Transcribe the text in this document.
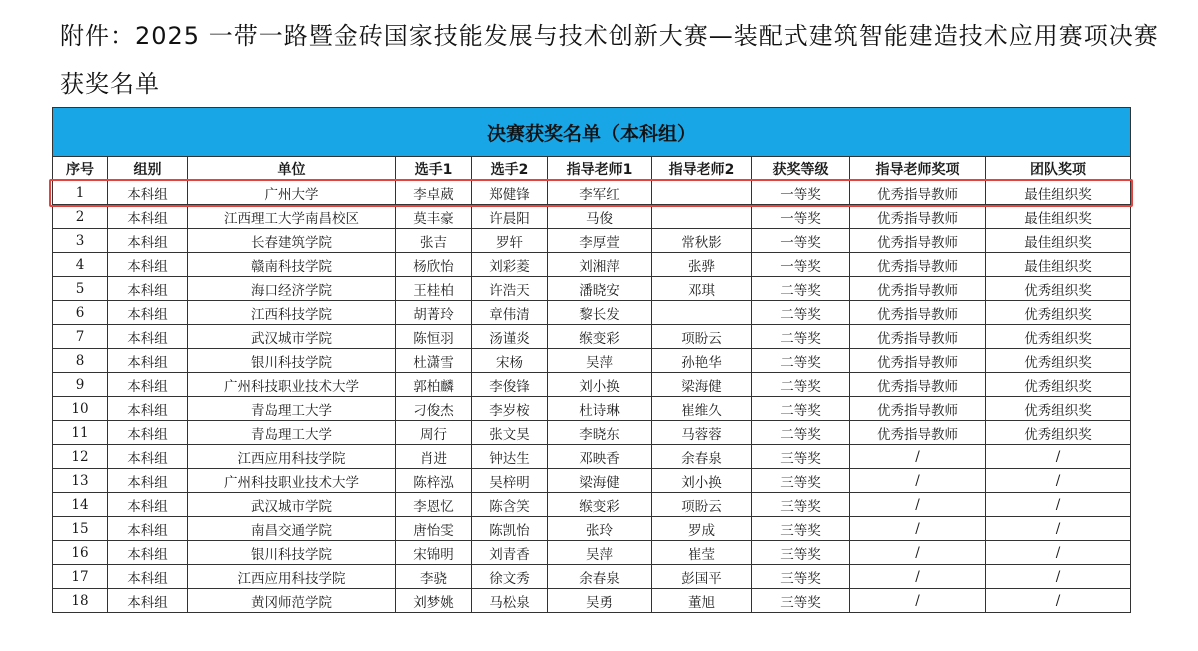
附件：2025 一带一路暨金砖国家技能发展与技术创新大赛—装配式建筑智能建造技术应用赛项决赛
获奖名单
决赛获奖名单（本科组）									
序号	组别	单位	选手1	选手2	指导老师1	指导老师2	获奖等级	指导老师奖项	团队奖项
1	本科组	广州大学	李卓葳	郑健锋	李军红		一等奖	优秀指导教师	最佳组织奖
2	本科组	江西理工大学南昌校区	莫丰豪	许晨阳	马俊		一等奖	优秀指导教师	最佳组织奖
3	本科组	长春建筑学院	张吉	罗轩	李厚萱	常秋影	一等奖	优秀指导教师	最佳组织奖
4	本科组	赣南科技学院	杨欣怡	刘彩菱	刘湘萍	张骅	一等奖	优秀指导教师	最佳组织奖
5	本科组	海口经济学院	王桂柏	许浩天	潘晓安	邓琪	二等奖	优秀指导教师	优秀组织奖
6	本科组	江西科技学院	胡菁玲	章伟清	黎长发		二等奖	优秀指导教师	优秀组织奖
7	本科组	武汉城市学院	陈恒羽	汤谨炎	缑变彩	项盼云	二等奖	优秀指导教师	优秀组织奖
8	本科组	银川科技学院	杜潇雪	宋杨	吴萍	孙艳华	二等奖	优秀指导教师	优秀组织奖
9	本科组	广州科技职业技术大学	郭柏麟	李俊锋	刘小换	梁海健	二等奖	优秀指导教师	优秀组织奖
10	本科组	青岛理工大学	刁俊杰	李岁桉	杜诗琳	崔维久	二等奖	优秀指导教师	优秀组织奖
11	本科组	青岛理工大学	周行	张文昊	李晓东	马蓉蓉	二等奖	优秀指导教师	优秀组织奖
12	本科组	江西应用科技学院	肖进	钟达生	邓映香	余春泉	三等奖	/	/
13	本科组	广州科技职业技术大学	陈梓泓	吴梓明	梁海健	刘小换	三等奖	/	/
14	本科组	武汉城市学院	李恩忆	陈含笑	缑变彩	项盼云	三等奖	/	/
15	本科组	南昌交通学院	唐怡雯	陈凯怡	张玲	罗成	三等奖	/	/
16	本科组	银川科技学院	宋锦明	刘青香	吴萍	崔莹	三等奖	/	/
17	本科组	江西应用科技学院	李骁	徐文秀	余春泉	彭国平	三等奖	/	/
18	本科组	黄冈师范学院	刘梦姚	马松泉	吴勇	董旭	三等奖	/	/
